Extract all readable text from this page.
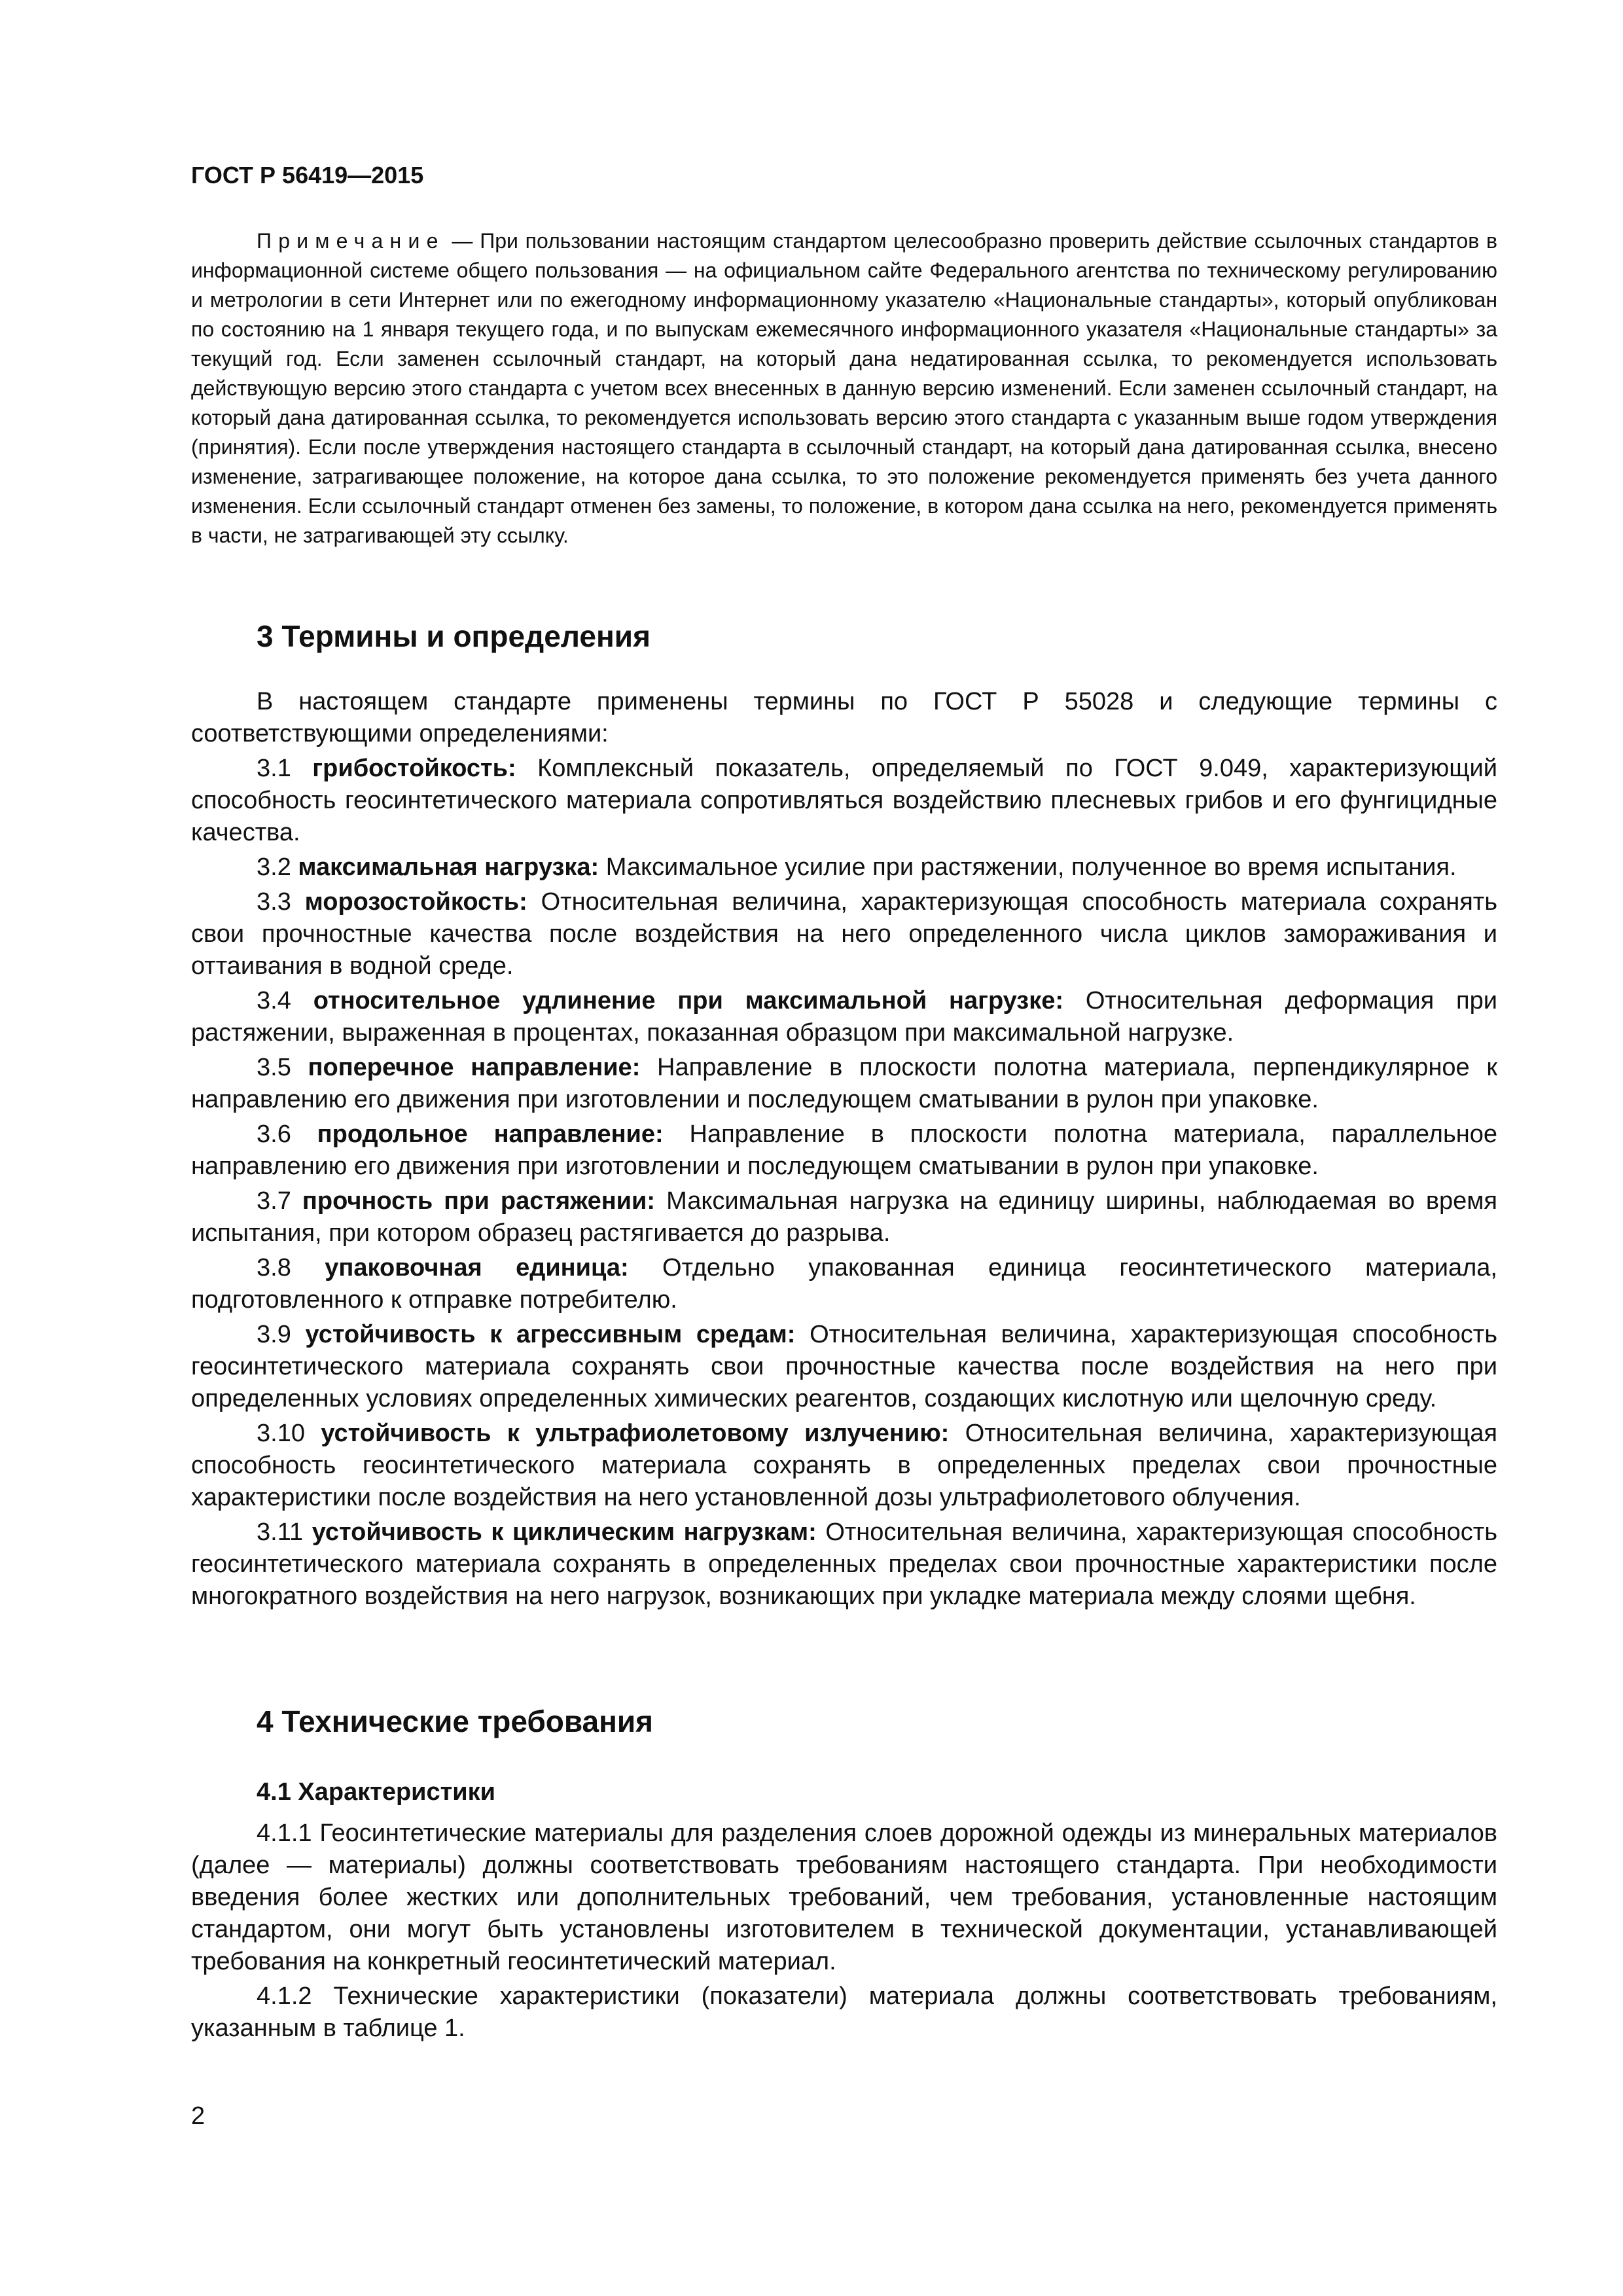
ГОСТ Р 56419—2015
Примечание — При пользовании настоящим стандартом целесообразно проверить действие ссылочных стандартов в информационной системе общего пользования — на официальном сайте Федерального агентства по техническому регулированию и метрологии в сети Интернет или по ежегодному информационному указателю «Национальные стандарты», который опубликован по состоянию на 1 января текущего года, и по выпускам ежемесячного информационного указателя «Национальные стандарты» за текущий год. Если заменен ссылочный стандарт, на который дана недатированная ссылка, то рекомендуется использовать действующую версию этого стандарта с учетом всех внесенных в данную версию изменений. Если заменен ссылочный стандарт, на который дана датированная ссылка, то рекомендуется использовать версию этого стандарта с указанным выше годом утверждения (принятия). Если после утверждения настоящего стандарта в ссылочный стандарт, на который дана датированная ссылка, внесено изменение, затрагивающее положение, на которое дана ссылка, то это положение рекомендуется применять без учета данного изменения. Если ссылочный стандарт отменен без замены, то положение, в котором дана ссылка на него, рекомендуется применять в части, не затрагивающей эту ссылку.
3 Термины и определения

В настоящем стандарте применены термины по ГОСТ Р 55028 и следующие термины с соответствующими определениями:

3.1 грибостойкость: Комплексный показатель, определяемый по ГОСТ 9.049, характеризующий способность геосинтетического материала сопротивляться воздействию плесневых грибов и его фунгицидные качества.

3.2 максимальная нагрузка: Максимальное усилие при растяжении, полученное во время испытания.

3.3 морозостойкость: Относительная величина, характеризующая способность материала сохранять свои прочностные качества после воздействия на него определенного числа циклов замораживания и оттаивания в водной среде.

3.4 относительное удлинение при максимальной нагрузке: Относительная деформация при растяжении, выраженная в процентах, показанная образцом при максимальной нагрузке.

3.5 поперечное направление: Направление в плоскости полотна материала, перпендикулярное к направлению его движения при изготовлении и последующем сматывании в рулон при упаковке.

3.6 продольное направление: Направление в плоскости полотна материала, параллельное направлению его движения при изготовлении и последующем сматывании в рулон при упаковке.

3.7 прочность при растяжении: Максимальная нагрузка на единицу ширины, наблюдаемая во время испытания, при котором образец растягивается до разрыва.

3.8 упаковочная единица: Отдельно упакованная единица геосинтетического материала, подготовленного к отправке потребителю.

3.9 устойчивость к агрессивным средам: Относительная величина, характеризующая способность геосинтетического материала сохранять свои прочностные качества после воздействия на него при определенных условиях определенных химических реагентов, создающих кислотную или щелочную среду.

3.10 устойчивость к ультрафиолетовому излучению: Относительная величина, характеризующая способность геосинтетического материала сохранять в определенных пределах свои прочностные характеристики после воздействия на него установленной дозы ультрафиолетового облучения.

3.11 устойчивость к циклическим нагрузкам: Относительная величина, характеризующая способность геосинтетического материала сохранять в определенных пределах свои прочностные характеристики после многократного воздействия на него нагрузок, возникающих при укладке материала между слоями щебня.

4 Технические требования
4.1 Характеристики

4.1.1 Геосинтетические материалы для разделения слоев дорожной одежды из минеральных материалов (далее — материалы) должны соответствовать требованиям настоящего стандарта. При необходимости введения более жестких или дополнительных требований, чем требования, установленные настоящим стандартом, они могут быть установлены изготовителем в технической документации, устанавливающей требования на конкретный геосинтетический материал.

4.1.2 Технические характеристики (показатели) материала должны соответствовать требованиям, указанным в таблице 1.

2
